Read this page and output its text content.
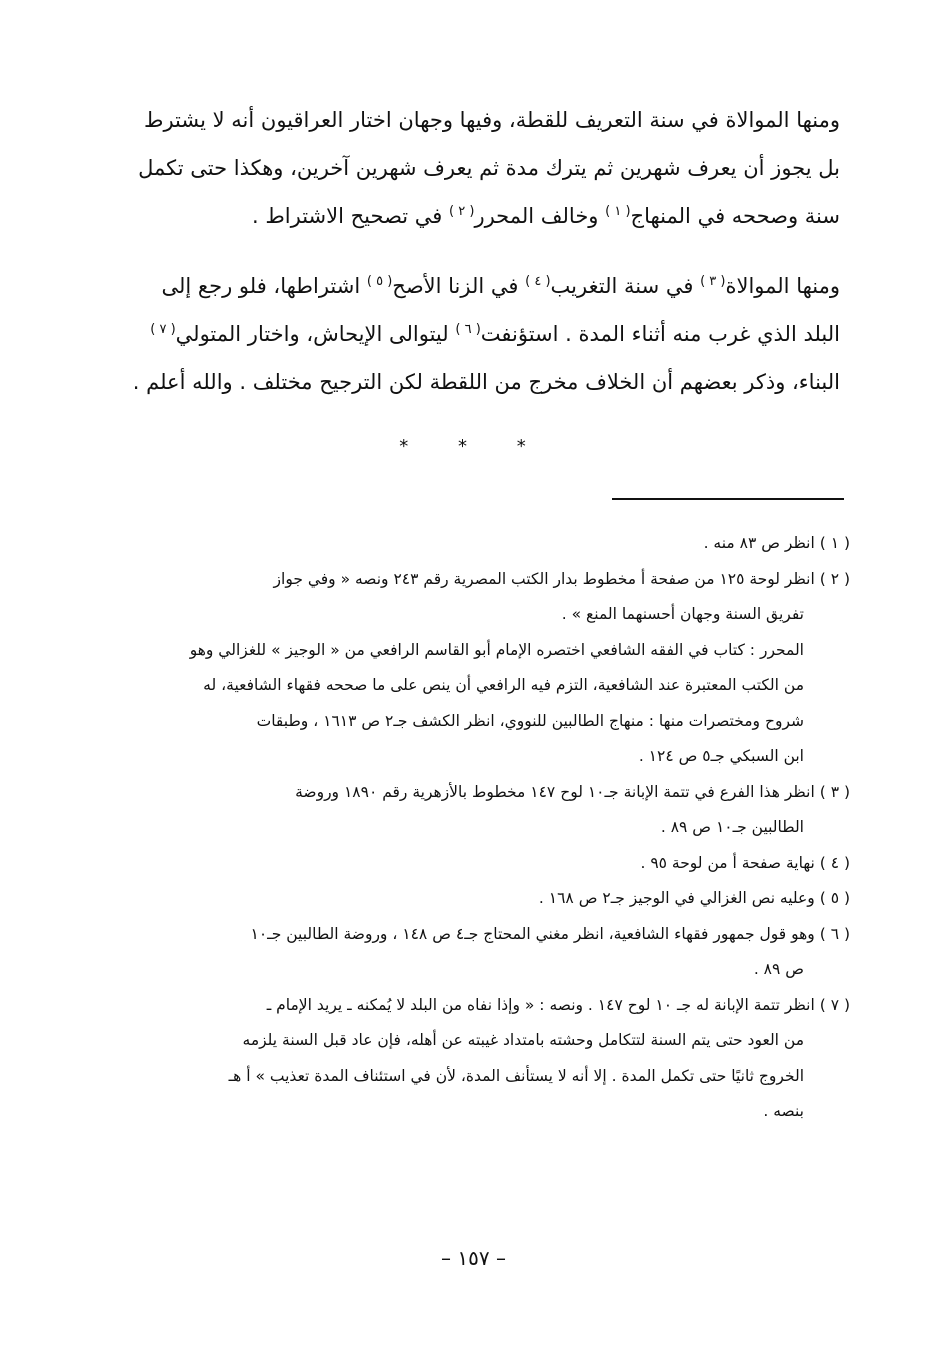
ومنها الموالاة في سنة التعريف للقطة، وفيها وجهان اختار العراقيون أنه لا يشترط
بل يجوز أن يعرف شهرين ثم يترك مدة ثم يعرف شهرين آخرين، وهكذا حتى تكمل
سنة وصححه في المنهاج$^{( ١ )}$ وخالف المحرر$^{( ٢ )}$ في تصحيح الاشتراط .
ومنها الموالاة$^{( ٣ )}$ في سنة التغريب$^{( ٤ )}$ في الزنا الأصح$^{( ٥ )}$ اشتراطها، فلو رجع إلى
البلد الذي غرب منه أثناء المدة . استؤنفت$^{( ٦ )}$ ليتوالى الإيحاش، واختار المتولي$^{( ٧ )}$
البناء، وذكر بعضهم أن الخلاف مخرج من اللقطة لكن الترجيح مختلف . والله أعلم .
* * *
( ١ ) انظر ص ٨٣ منه .
( ٢ ) انظر لوحة ١٢٥ من صفحة أ مخطوط بدار الكتب المصرية رقم ٢٤٣ ونصه « وفي جواز
تفريق السنة وجهان أحسنهما المنع » .
المحرر : كتاب في الفقه الشافعي اختصره الإمام أبو القاسم الرافعي من « الوجيز » للغزالي وهو
من الكتب المعتبرة عند الشافعية، التزم فيه الرافعي أن ينص على ما صححه فقهاء الشافعية، له
شروح ومختصرات منها : منهاج الطالبين للنووي، انظر الكشف جـ٢ ص ١٦١٣ ، وطبقات
ابن السبكي جـ٥ ص ١٢٤ .
( ٣ ) انظر هذا الفرع في تتمة الإبانة جـ١٠ لوح ١٤٧ مخطوط بالأزهرية رقم ١٨٩٠ وروضة
الطالبين جـ١٠ ص ٨٩ .
( ٤ ) نهاية صفحة أ من لوحة ٩٥ .
( ٥ ) وعليه نص الغزالي في الوجيز جـ٢ ص ١٦٨ .
( ٦ ) وهو قول جمهور فقهاء الشافعية، انظر مغني المحتاج جـ٤ ص ١٤٨ ، وروضة الطالبين جـ١٠
ص ٨٩ .
( ٧ ) انظر تتمة الإبانة له جـ ١٠ لوح ١٤٧ . ونصه : « وإذا نفاه من البلد لا يُمكنه ـ يريد الإمام ـ
من العود حتى يتم السنة لتتكامل وحشته بامتداد غيبته عن أهله، فإن عاد قبل السنة يلزمه
الخروج ثانيًا حتى تكمل المدة . إلا أنه لا يستأنف المدة، لأن في استئناف المدة تعذيب » أ هـ
بنصه .
– ١٥٧ –
